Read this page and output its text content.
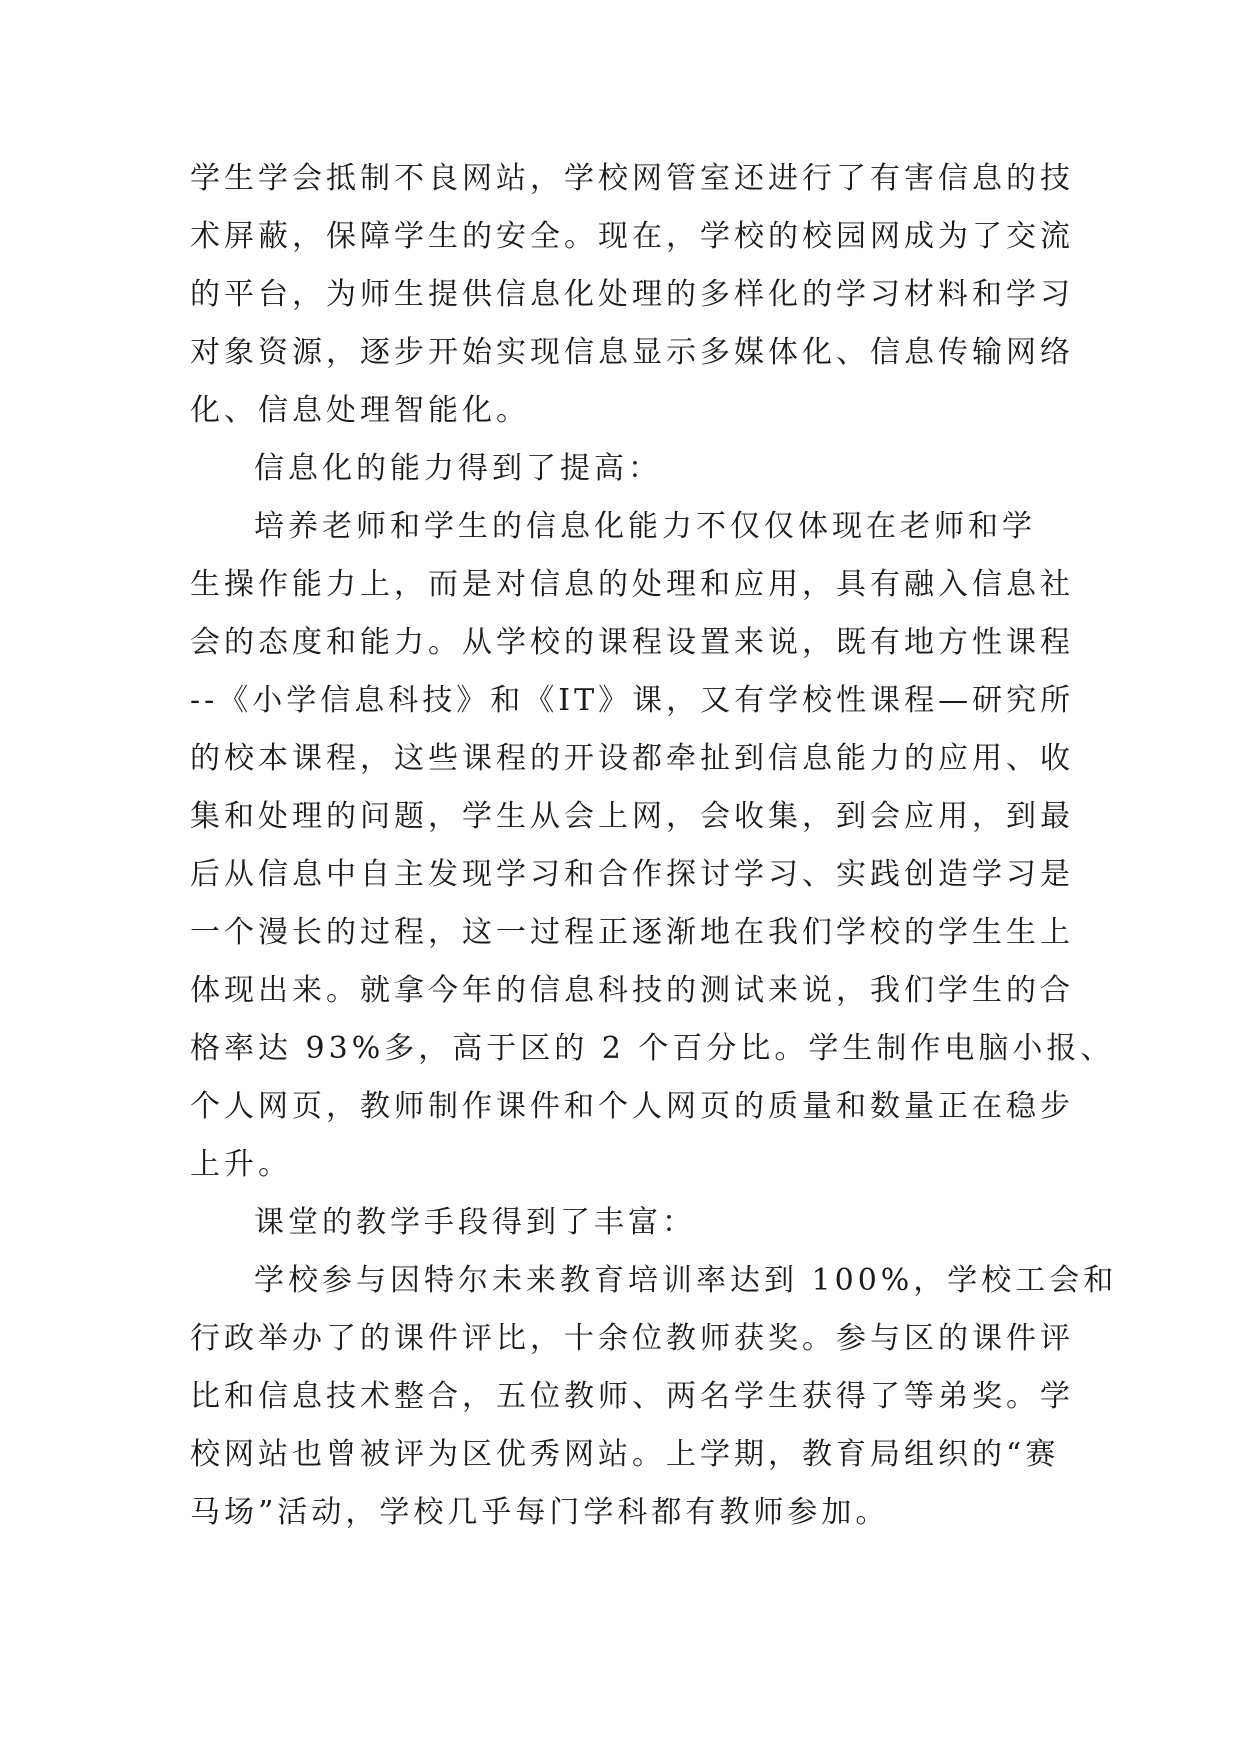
学生学会抵制不良网站，学校网管室还进行了有害信息的技
术屏蔽，保障学生的安全。现在，学校的校园网成为了交流
的平台，为师生提供信息化处理的多样化的学习材料和学习
对象资源，逐步开始实现信息显示多媒体化、信息传输网络
化、信息处理智能化。
信息化的能力得到了提高：
培养老师和学生的信息化能力不仅仅体现在老师和学
生操作能力上，而是对信息的处理和应用，具有融入信息社
会的态度和能力。从学校的课程设置来说，既有地方性课程
--《小学信息科技》和《IT》课，又有学校性课程—研究所
的校本课程，这些课程的开设都牵扯到信息能力的应用、收
集和处理的问题，学生从会上网，会收集，到会应用，到最
后从信息中自主发现学习和合作探讨学习、实践创造学习是
一个漫长的过程，这一过程正逐渐地在我们学校的学生生上
体现出来。就拿今年的信息科技的测试来说，我们学生的合
格率达 93%多，高于区的 2 个百分比。学生制作电脑小报、
个人网页，教师制作课件和个人网页的质量和数量正在稳步
上升。
课堂的教学手段得到了丰富：
学校参与因特尔未来教育培训率达到 100%，学校工会和
行政举办了的课件评比，十余位教师获奖。参与区的课件评
比和信息技术整合，五位教师、两名学生获得了等弟奖。学
校网站也曾被评为区优秀网站。上学期，教育局组织的“赛
马场”活动，学校几乎每门学科都有教师参加。
